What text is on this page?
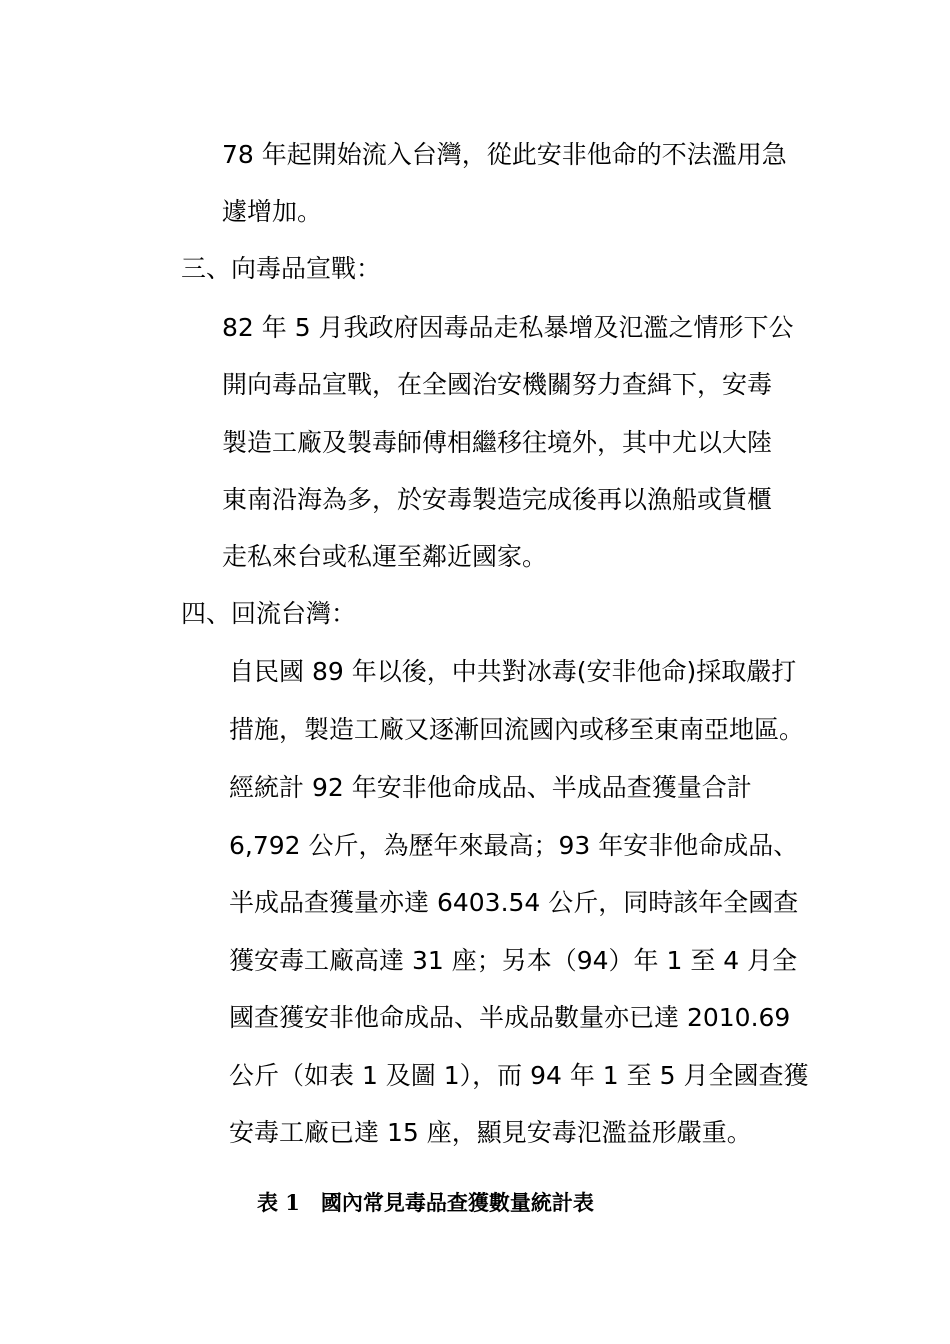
78 年起開始流入台灣，從此安非他命的不法濫用急
遽增加。
三、向毒品宣戰：
82 年 5 月我政府因毒品走私暴增及氾濫之情形下公
開向毒品宣戰，在全國治安機關努力查緝下，安毒
製造工廠及製毒師傅相繼移往境外，其中尤以大陸
東南沿海為多，於安毒製造完成後再以漁船或貨櫃
走私來台或私運至鄰近國家。
四、回流台灣：
自民國 89 年以後，中共對冰毒(安非他命)採取嚴打
措施，製造工廠又逐漸回流國內或移至東南亞地區。
經統計 92 年安非他命成品、半成品查獲量合計
6,792 公斤，為歷年來最高；93 年安非他命成品、
半成品查獲量亦達 6403.54 公斤，同時該年全國查
獲安毒工廠高達 31 座；另本（94）年 1 至 4 月全
國查獲安非他命成品、半成品數量亦已達 2010.69
公斤（如表 1 及圖 1），而 94 年 1 至 5 月全國查獲
安毒工廠已達 15 座，顯見安毒氾濫益形嚴重。
表 1　國內常見毒品查獲數量統計表
